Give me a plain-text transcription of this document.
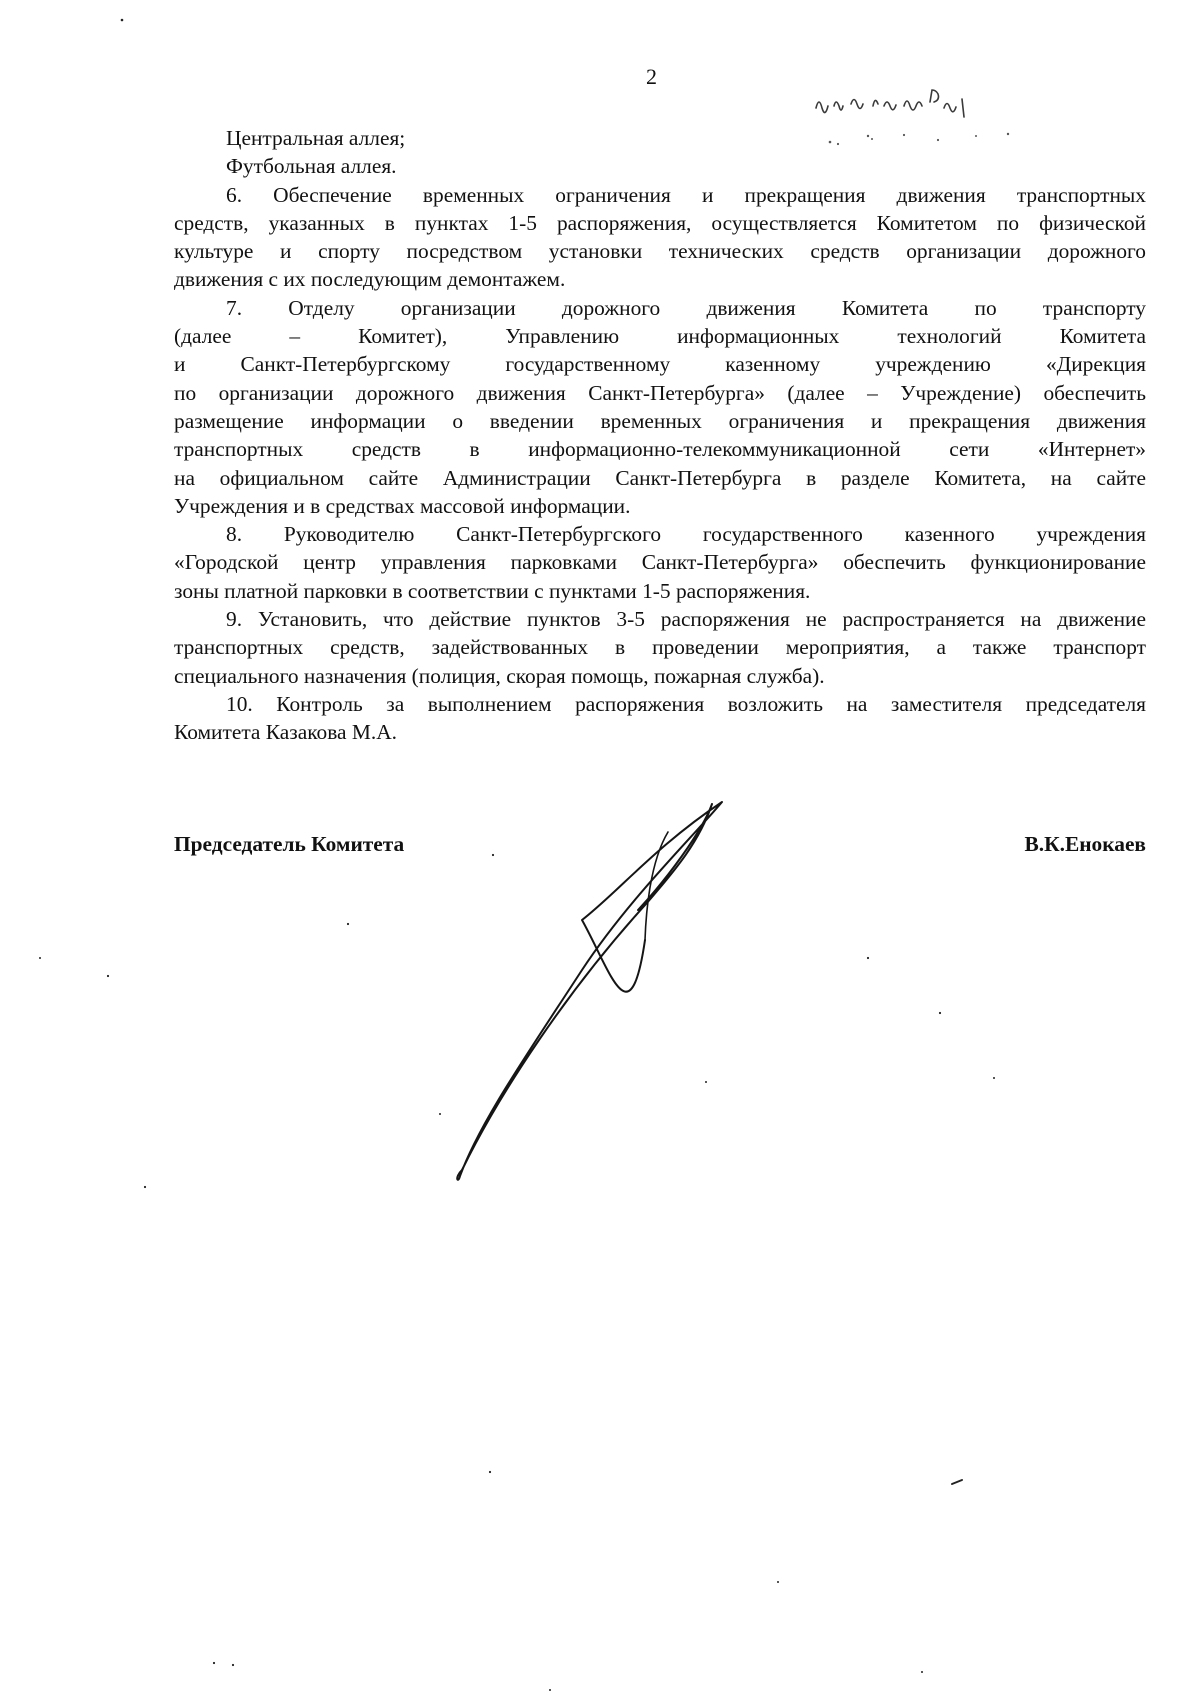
2
Центральная аллея;
Футбольная аллея.
6. Обеспечение временных ограничения и прекращения движения транспортных
средств, указанных в пунктах 1-5 распоряжения, осуществляется Комитетом по физической
культуре и спорту посредством установки технических средств организации дорожного
движения с их последующим демонтажем.
7. Отделу организации дорожного движения Комитета по транспорту
(далее – Комитет), Управлению информационных технологий Комитета
и Санкт-Петербургскому государственному казенному учреждению «Дирекция
по организации дорожного движения Санкт-Петербурга» (далее – Учреждение) обеспечить
размещение информации о введении временных ограничения и прекращения движения
транспортных средств в информационно-телекоммуникационной сети «Интернет»
на официальном сайте Администрации Санкт-Петербурга в разделе Комитета, на сайте
Учреждения и в средствах массовой информации.
8. Руководителю Санкт-Петербургского государственного казенного учреждения
«Городской центр управления парковками Санкт-Петербурга» обеспечить функционирование
зоны платной парковки в соответствии с пунктами 1-5 распоряжения.
9. Установить, что действие пунктов 3-5 распоряжения не распространяется на движение
транспортных средств, задействованных в проведении мероприятия, а также транспорт
специального назначения (полиция, скорая помощь, пожарная служба).
10. Контроль за выполнением распоряжения возложить на заместителя председателя
Комитета Казакова М.А.
Председатель Комитета	В.К.Енокаев
